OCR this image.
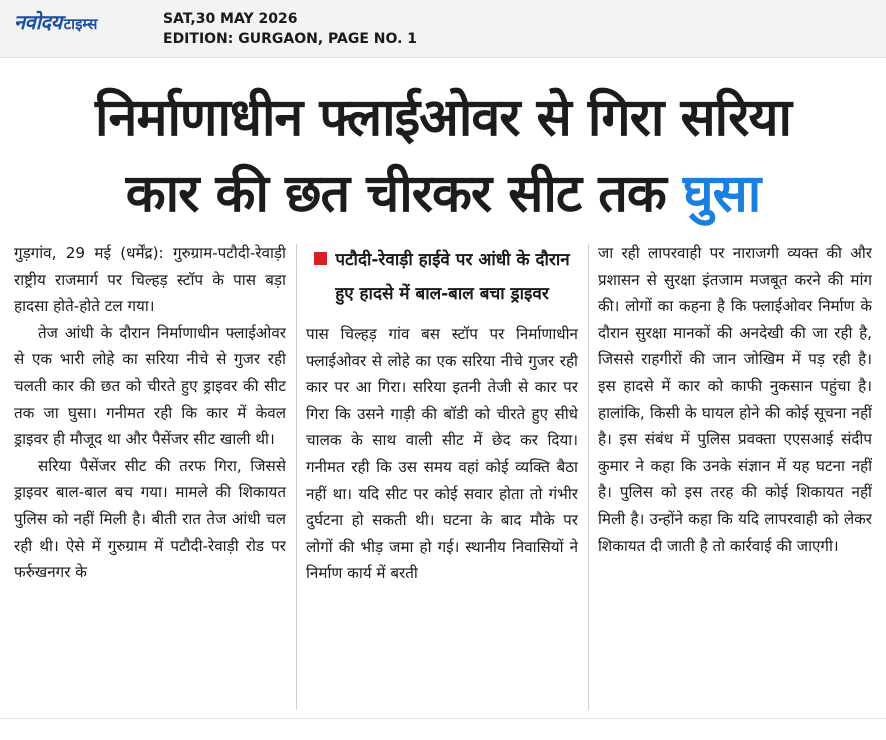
नवोदय टाइम्स	SAT,30 MAY 2026
EDITION: GURGAON, PAGE NO. 1
निर्माणाधीन फ्लाईओवर से गिरा सरिया
कार की छत चीरकर सीट तक घुसा

गुड़गांव, 29 मई (धर्मेंद्र): गुरुग्राम-पटौदी-रेवाड़ी राष्ट्रीय राजमार्ग पर चिल्हड़ स्टॉप के पास बड़ा हादसा होते-होते टल गया।

तेज आंधी के दौरान निर्माणाधीन फ्लाईओवर से एक भारी लोहे का सरिया नीचे से गुजर रही चलती कार की छत को चीरते हुए ड्राइवर की सीट तक जा घुसा। गनीमत रही कि कार में केवल ड्राइवर ही मौजूद था और पैसेंजर सीट खाली थी।

सरिया पैसेंजर सीट की तरफ गिरा, जिससे ड्राइवर बाल-बाल बच गया। मामले की शिकायत पुलिस को नहीं मिली है। बीती रात तेज आंधी चल रही थी। ऐसे में गुरुग्राम में पटौदी-रेवाड़ी रोड पर फर्रुखनगर के

पटौदी-रेवाड़ी हाईवे पर आंधी के दौरान हुए हादसे में बाल-बाल बचा ड्राइवर

पास चिल्हड़ गांव बस स्टॉप पर निर्माणाधीन फ्लाईओवर से लोहे का एक सरिया नीचे गुजर रही कार पर आ गिरा। सरिया इतनी तेजी से कार पर गिरा कि उसने गाड़ी की बॉडी को चीरते हुए सीधे चालक के साथ वाली सीट में छेद कर दिया। गनीमत रही कि उस समय वहां कोई व्यक्ति बैठा नहीं था। यदि सीट पर कोई सवार होता तो गंभीर दुर्घटना हो सकती थी। घटना के बाद मौके पर लोगों की भीड़ जमा हो गई। स्थानीय निवासियों ने निर्माण कार्य में बरती

जा रही लापरवाही पर नाराजगी व्यक्त की और प्रशासन से सुरक्षा इंतजाम मजबूत करने की मांग की। लोगों का कहना है कि फ्लाईओवर निर्माण के दौरान सुरक्षा मानकों की अनदेखी की जा रही है, जिससे राहगीरों की जान जोखिम में पड़ रही है। इस हादसे में कार को काफी नुकसान पहुंचा है। हालांकि, किसी के घायल होने की कोई सूचना नहीं है। इस संबंध में पुलिस प्रवक्ता एएसआई संदीप कुमार ने कहा कि उनके संज्ञान में यह घटना नहीं है। पुलिस को इस तरह की कोई शिकायत नहीं मिली है। उन्होंने कहा कि यदि लापरवाही को लेकर शिकायत दी जाती है तो कार्रवाई की जाएगी।
